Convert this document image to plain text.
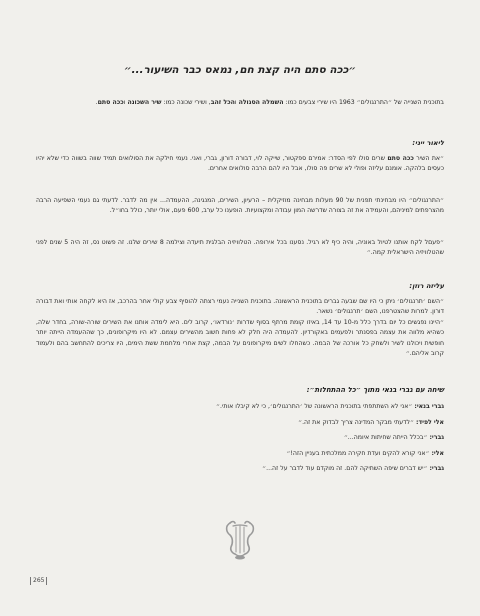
״ככה סתם היה קצת חם, נמאס כבר השיעור...״

בתוכנית השנייה של ״התרנגולים״ 1963 היו שירי צבעים כמו: השמלה הסגולה והכל זהב, ושירי שכונה כמו: שיר השכונה וככה סתם.

ליאור ייני:

״את השיר ככה סתם שרים סולו לפי הסדר: אמירם ספקטור, שייקה לוי, דבורה דורון, גברי, ואני. נעמי חילקה את הסולואים תמיד שווה בשווה כדי שלא יהיו כעסים בלהקה. אומנם עליזה ופולי לא שרים פה סולו, אבל היו להם הרבה סולואים אחרים.

״התרנגולים״ היו מבחינתי תפנית של 90 מעלות מבחינה מוזיקלית – הרעיון, השירים, המנגינה, ההעמדה... אין מה לדבר. לדעתי גם נעמי השפיעה הרבה מהצרפתים למיניהם, והעמידה את זה בצורה שדרשה המון עבודה ומקצועיות. הופענו כל ערב, 600 פעם, אולי יותר, כולל בחו״ל.

״פעםל לקח אותנו לטיול באוניה, והיה כיף לא רגיל. נסענו בכל אירופה. הטלוויזיה הבלגית תיעדה וצילמה 8 שירים שלנו. זה פשוט נס, זה היה 5 שנים לפני שהטלוויזיה הישראלית קמה.״

עליזה רוזן:

״השם ׳תרנגולים׳ ניתן כי היו שם שבעה גברים בתוכנית הראשונה. בתוכנית השנייה נעמי רצתה להוסיף צבע קולי אחר בהרכב, אז היא לקחה אותי ואת דבורה דורון. למרות שהצטרפנו, השם ׳תרנגולים׳ נשאר.

״היינו נפגשים כל יום בדרך כלל מ-10 עד 14, באיזו קומת מרתף בסוף שדרות ׳נורדאו׳, קרוב לים. היא לימדה אותנו את השירים שורה-שורה, בחדר שלה, כשהיא מלווה את עצמה בפסנתר ולפעמים באקורדיון. להעמדה היה חלק לא פחות חשוב מהשירים עצמם. לא היו מיקרופונים, כך שההעמדה הייתה יותר חופשית ויכולנו לשיר ולשחק כל אורכה של הבמה. כשהחלו לשים מיקרופונים על הבמה, קצת אחרי מלחמת ששת הימים, היו צריכים להתחשב בהם ולעמוד קרוב אליהם.״

שיחה עם גברי בנאי מתוך ״כל ההתחלות״:
גברי בנאי: ״אני לא השתתפתי בתוכנית הראשונה של ׳התרנגולים׳, כי לא קיבלו אותי.״
אלי לפיד: ״לדעתי מבקר המדינה צריך לבדוק את זה.״
גברי: ״בכלל הייתה שחיתות איומה...״
אלי: ״אני קורא להקים ועדת חקירה ממלכתית בעניין הזה!״
גברי: ״יש דברים שיפה השתיקה להם. זה מוקדם עוד לדבר על זה...״
265
